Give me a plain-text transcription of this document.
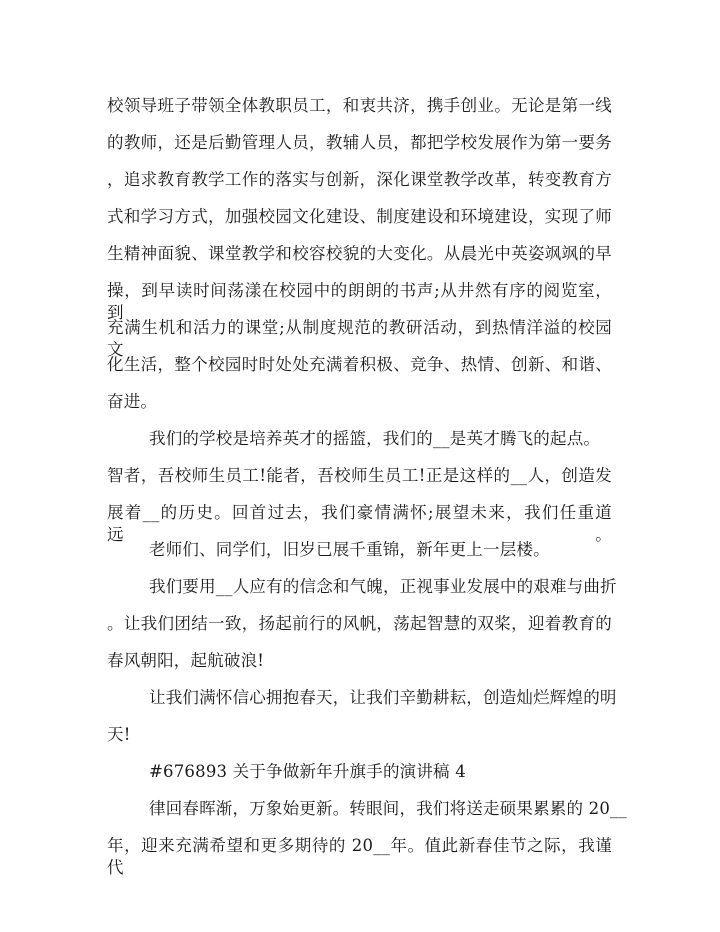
校领导班子带领全体教职员工，和衷共济，携手创业。无论是第一线
的教师，还是后勤管理人员，教辅人员，都把学校发展作为第一要务
，追求教育教学工作的落实与创新，深化课堂教学改革，转变教育方
式和学习方式，加强校园文化建设、制度建设和环境建设，实现了师
生精神面貌、课堂教学和校容校貌的大变化。从晨光中英姿飒飒的早
操，到早读时间荡漾在校园中的朗朗的书声;从井然有序的阅览室，到
充满生机和活力的课堂;从制度规范的教研活动，到热情洋溢的校园文
化生活，整个校园时时处处充满着积极、竞争、热情、创新、和谐、
奋进。
我们的学校是培养英才的摇篮，我们的__是英才腾飞的起点。
智者，吾校师生员工!能者，吾校师生员工!正是这样的__人，创造发
展着__的历史。回首过去，我们豪情满怀;展望未来，我们任重道远。
老师们、同学们，旧岁已展千重锦，新年更上一层楼。
我们要用__人应有的信念和气魄，正视事业发展中的艰难与曲折
。让我们团结一致，扬起前行的风帆，荡起智慧的双桨，迎着教育的
春风朝阳，起航破浪!
让我们满怀信心拥抱春天，让我们辛勤耕耘，创造灿烂辉煌的明
天!
#676893 关于争做新年升旗手的演讲稿 4
律回春晖渐，万象始更新。转眼间，我们将送走硕果累累的 20__
年，迎来充满希望和更多期待的 20__年。值此新春佳节之际，我谨代
